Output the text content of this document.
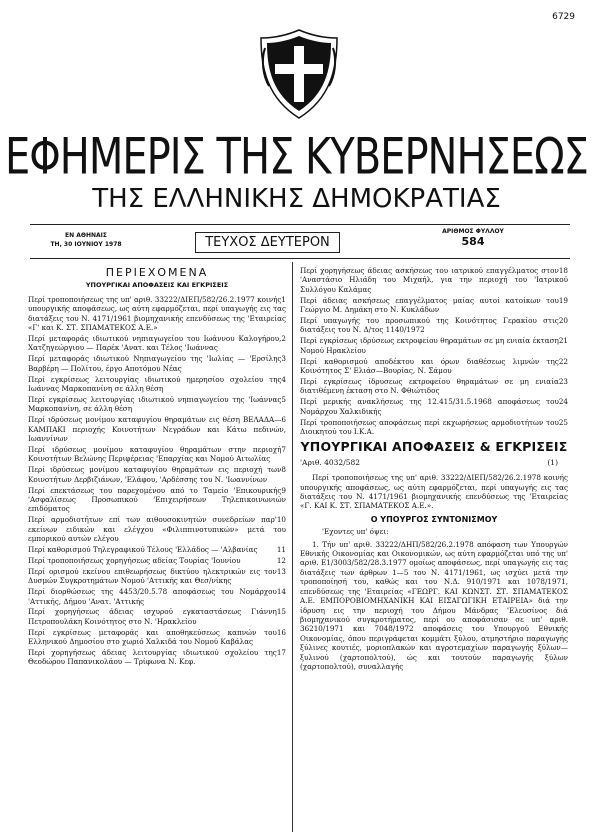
6729
ΕΦΗΜΕΡΙΣ ΤΗΣ ΚΥΒΕΡΝΗΣΕΩΣ
ΤΗΣ ΕΛΛΗΝΙΚΗΣ ΔΗΜΟΚΡΑΤΙΑΣ
ΕΝ ΑΘΗΝΑΙΣ
ΤΗ, 30 ΙΟΥΝΙΟΥ 1978	ΤΕΥΧΟΣ ΔΕΥΤΕΡΟΝ
ΑΡΙΘΜΟΣ ΦΥΛΛΟΥ
584
ΠΕΡΙΕΧΟΜΕΝΑ
ΥΠΟΥΡΓΙΚΑΙ ΑΠΟΦΑΣΕΙΣ ΚΑΙ ΕΓΚΡΙΣΕΙΣ
1
Περί τροποποιήσεως της υπ' αριθ. 33222/ΔΙΕΠ/582/26.2.1977 κοινής υπουργικής αποφάσεως, ως αύτη εφαρμόζεται, περί υπαγωγής εις τας διατάξεις του Ν. 4171/1961 βιομηχανικής επενδύσεως της 'Εταιρείας «Γ' και Κ. ΣΤ. ΣΠΑΜΑΤΕΚΟΣ Α.Ε.»
2
Περί μεταφοράς ιδιωτικού νηπιαγωγείου του Ιωάννου Καλογήρου, Χατζηγεώργιου — Παρέκ 'Ανατ. και Τέλος 'Ιωάννας
3
Περί μεταφοράς ιδιωτικού Νηπιαγωγείου της 'Ιωλίας — 'Ερσίλης Βαρβέρη — Πολίτου, έργο Αποτόμου Νέας
4
Περί εγκρίσεως λειτουργίας ιδιωτικού ημερησίου σχολείου της Ιωάννας Μαρκοπανίνη σε άλλη θέση
5
Περί εγκρίσεως λειτουργίας ιδιωτικού νηπιαγωγείου της 'Ιωάννας Μαρκοπανίνη, σε άλλη θέση
6
Περί ιδρύσεως μονίμου καταφυγίου θηραμάτων εις θέση ΒΕΛΑΔΑ—ΚΑΜΠΑΚΙ περιοχής Κοινοτήτων Νεγράδων και Κάτω πεδινών, Ιωαννίνων
7
Περί ιδρύσεως μονίμου καταφυγίου θηραμάτων στην περιοχή Κοινοτήτων Βελώνης Περιφέρειας 'Επαρχίας και Νομού Αιτωλίας
8
Περί ιδρύσεως μονίμου καταφυγίου θηραμάτων εις περιοχή των Κοινοτήτων Δερβιζιάνων, 'Ελάφου, 'Αρδέσσης του Ν. 'Ιωαννίνων
9
Περί επεκτάσεως του παρεχομένου από το Ταμείο 'Επικουρικής 'Ασφαλίσεως Προσωπικού 'Επιχειρήσεων Τηλεπικοινωνιών επιδόματος
10
Περί αρμοδιοτήτων επί των αιθουσοκινητών συνεδρείων παρ' εκείνων ειδικών και ελέγχου «Φιλιππινοτυπικών» μετά του εμπορικού αυτών ελέγου
11
Περί καθορισμού Τηλεγραφικού Τέλους 'Ελλάδος — 'Αλβανίας
12
Περί τροποποιήσεως χορηγήσεως αδείας Τουρίας 'Ιουνίου
13
Περί ορισμού εκείνου επιθεωρήσεως δικτύου ηλεκτρικών εις τον Δυσμών Συγκροτημάτων Νομού 'Αττικής και Θεσ/νίκης
14
Περί διορθώσεως της 4453/20.5.78 αποφάσεως του Νομάρχου 'Αττικής, Δήμου 'Ανατ. 'Αττικής
15
Περί χορηγήσεως άδειας ισχυρού εγκαταστάσεως Γιάννη Πετροπουλάκη Κοινότητος στο Ν. 'Ηρακλείου
16
Περί εγκρίσεως μεταφοράς και αποθηκεύσεως καπνών του Ελληνικού Δημοσίου στο χωριό Χαλκιδά του Νομού Καβάλας
17
Περί χορηγήσεως άδειας λειτουργίας ιδιωτικού σχολείου της Θεοδώρου Παπανικολάου — Τρίφωνα Ν. Κεφ.
18
Περί χορηγήσεως άδειας ασκήσεως του ιατρικού επαγγέλματος στον 'Αναστάσιο Ηλιάδη του Μιχαήλ, για την περιοχή του 'Ιατρικού Συλλόγου Καλάμας
19
Περί άδειας ασκήσεως επαγγέλματος μαίας αυτοί κατοίκων του Γεώργιο Μ. Δημάκη στο Ν. Κυκλάδων
20
Περί υπαγωγής του προσωπικού της Κοινότητος Γερακίου στις διατάξεις του Ν. Δ/τος 1140/1972
21
Περί εγκρίσεως ιδρύσεως εκτροφείου θηραμάτων σε μη ενιαία έκταση Νομού Ηρακλείου
22
Περί καθορισμού αποδέκτου και όρων διαθέσεως λιμνών της Κοινότητος Σ' Ελιάσ—Βουρίας, Ν. Σάμου
23
Περί εγκρίσεως ίδρυσεως εκτροφείου θηραμάτων σε μη ενιαία διατιθέμενη έκταση στο Ν. Φθιώτιδος
24
Περί μερικής ανακλήσεως της 12.415/31.5.1968 αποφάσεως του Νομάρχου Χαλκιδικής
25
Περί τροποποιήσεως αποφάσεως περί εκχωρήσεως αρμοδιοτήτων του Διοικητού του Ι.Κ.Α.
ΥΠΟΥΡΓΙΚΑΙ ΑΠΟΦΑΣΕΙΣ & ΕΓΚΡΙΣΕΙΣ
'Αριθ. 4032/582	(1)

Περί τροποποιήσεως της υπ' αριθ. 33222/ΔΙΕΠ/582/26.2.1978 κοινής υπουργικής αποφάσεως, ως αύτη εφαρμόζεται, περί υπαγωγής εις τας διατάξεις του Ν. 4171/1961 βιομηχανικής επενδύσεως της 'Εταιρείας «Γ. ΚΑΙ Κ. ΣΤ. ΣΠΑΜΑΤΕΚΟΣ Α.Ε.».

Ο ΥΠΟΥΡΓΟΣ ΣΥΝΤΟΝΙΣΜΟΥ
'Εχοντες υπ' όψει:

1. Τήν υπ' αριθ. 33222/ΔΗΠ/582/26.2.1978 απόφαση των Υπουργών Εθνικής Οικονομίας και Οικονομικών, ως αύτη εφαρμόζεται υπό της υπ' αριθ. Ε1/3003/582/28.3.1977 ομοίως αποφάσεως, περί υπαγωγής εις τας διατάξεις των άρθρων 1—5 του Ν. 4171/1961, ως ισχύει μετά την τροποποίησή του, καθώς και του Ν.Δ. 910/1971 και 1078/1971, επενδύσεως της 'Εταιρείας «ΓΕΩΡΓ. ΚΑΙ ΚΩΝΣΤ. ΣΤ. ΣΠΑΜΑΤΕΚΟΣ Α.Ε. ΕΜΠΟΡΟΒΙΟΜΗΧΑΝΙΚΗ ΚΑΙ ΕΙΣΑΓΩΓΙΚΗ ΕΤΑΙΡΕΙΑ» διά την ίδρυση εις την περιοχή του Δήμου Μάνδρας 'Ελευσίνος διά βιομηχανικού συγκροτήματος, περί ου αποφάσισαν σε υπ' αριθ. 36210/1971 και 7048/1972 αποφάσεις του Υπουργού Εθνικής Οικονομίας, όπου περιγράφεται κομμάτι ξύλου, ατμηστήριο παραγωγής ξύλινες κουτιές, μοριοπλακών και αγροτεμαχίων παραγωγής ξύλων—ξυλινού (χαρτοπολτού), ώς και τουτούν παραγωγής ξύλων (χαρτοπολτού), συναλλαγής
